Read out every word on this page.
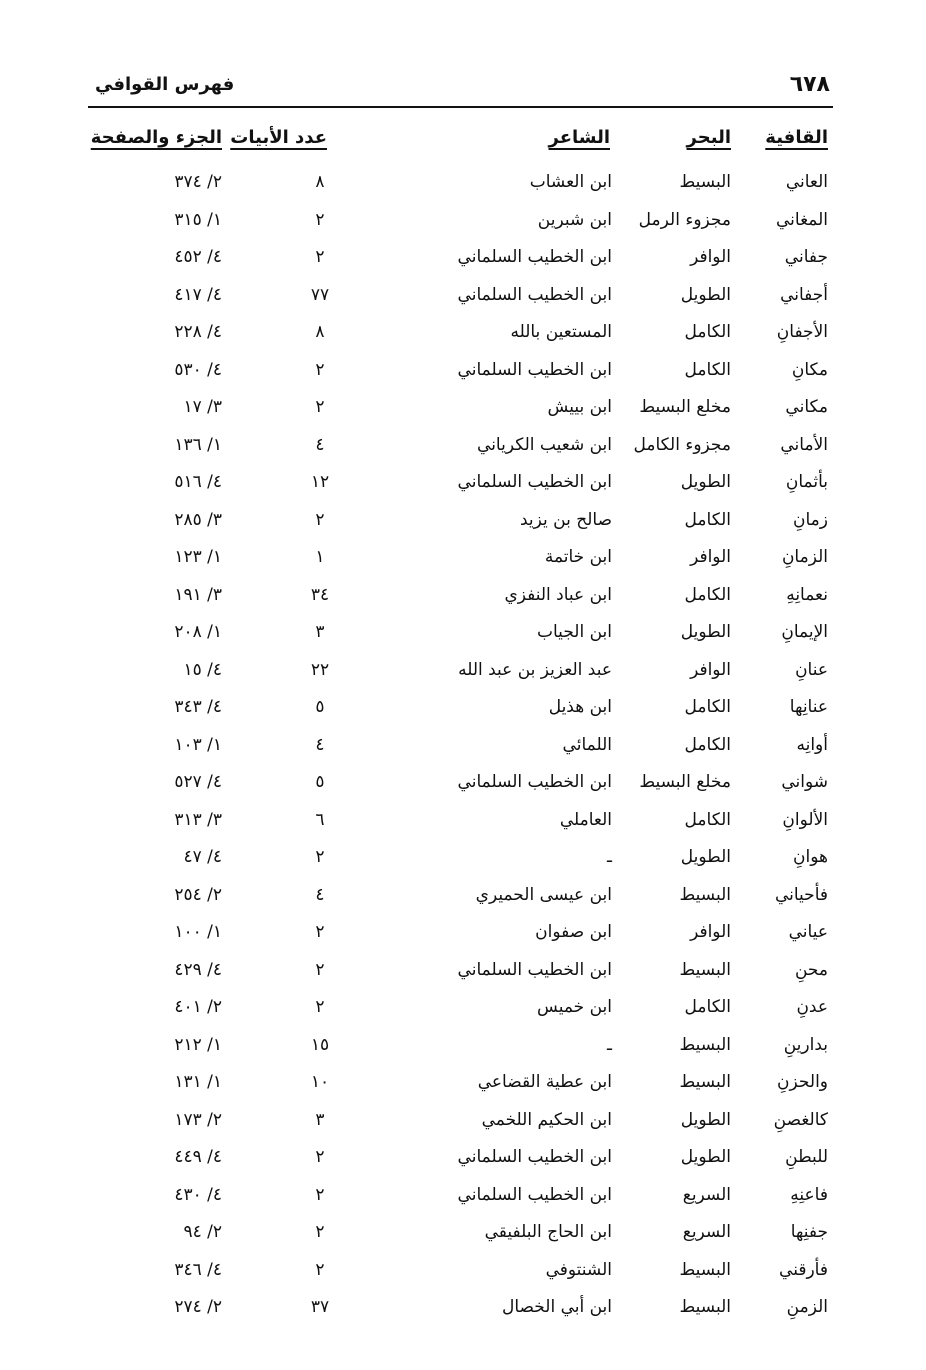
٦٧٨
فهرس القوافي
القافية
البحر
الشاعر
عدد الأبيات
الجزء والصفحة
العاني
البسيط
ابن العشاب
٨
٢/ ٣٧٤
المغاني
مجزوء الرمل
ابن شبرين
٢
١/ ٣١٥
جفاني
الوافر
ابن الخطيب السلماني
٢
٤/ ٤٥٢
أجفاني
الطويل
ابن الخطيب السلماني
٧٧
٤/ ٤١٧
الأجفانِ
الكامل
المستعين بالله
٨
٤/ ٢٢٨
مكانِ
الكامل
ابن الخطيب السلماني
٢
٤/ ٥٣٠
مكاني
مخلع البسيط
ابن بييش
٢
٣/ ١٧
الأماني
مجزوء الكامل
ابن شعيب الكرياني
٤
١/ ١٣٦
بأثمانِ
الطويل
ابن الخطيب السلماني
١٢
٤/ ٥١٦
زمانِ
الكامل
صالح بن يزيد
٢
٣/ ٢٨٥
الزمانِ
الوافر
ابن خاتمة
١
١/ ١٢٣
نعمانِهِ
الكامل
ابن عباد النفزي
٣٤
٣/ ١٩١
الإيمانِ
الطويل
ابن الجياب
٣
١/ ٢٠٨
عنانِ
الوافر
عبد العزيز بن عبد الله
٢٢
٤/ ١٥
عنانِها
الكامل
ابن هذيل
٥
٤/ ٣٤٣
أوانِه
الكامل
اللمائي
٤
١/ ١٠٣
شواني
مخلع البسيط
ابن الخطيب السلماني
٥
٤/ ٥٢٧
الألوانِ
الكامل
العاملي
٦
٣/ ٣١٣
هوانِ
الطويل
ـ
٢
٤/ ٤٧
فأحياني
البسيط
ابن عيسى الحميري
٤
٢/ ٢٥٤
عياني
الوافر
ابن صفوان
٢
١/ ١٠٠
محنِ
البسيط
ابن الخطيب السلماني
٢
٤/ ٤٢٩
عدنِ
الكامل
ابن خميس
٢
٢/ ٤٠١
بدارينِ
البسيط
ـ
١٥
١/ ٢١٢
والحزنِ
البسيط
ابن عطية القضاعي
١٠
١/ ١٣١
كالغصنِ
الطويل
ابن الحكيم اللخمي
٣
٢/ ١٧٣
للبطنِ
الطويل
ابن الخطيب السلماني
٢
٤/ ٤٤٩
فاعنِهِ
السريع
ابن الخطيب السلماني
٢
٤/ ٤٣٠
جفنِها
السريع
ابن الحاج البلفيقي
٢
٢/ ٩٤
فأرقني
البسيط
الشنتوفي
٢
٤/ ٣٤٦
الزمنِ
البسيط
ابن أبي الخصال
٣٧
٢/ ٢٧٤
